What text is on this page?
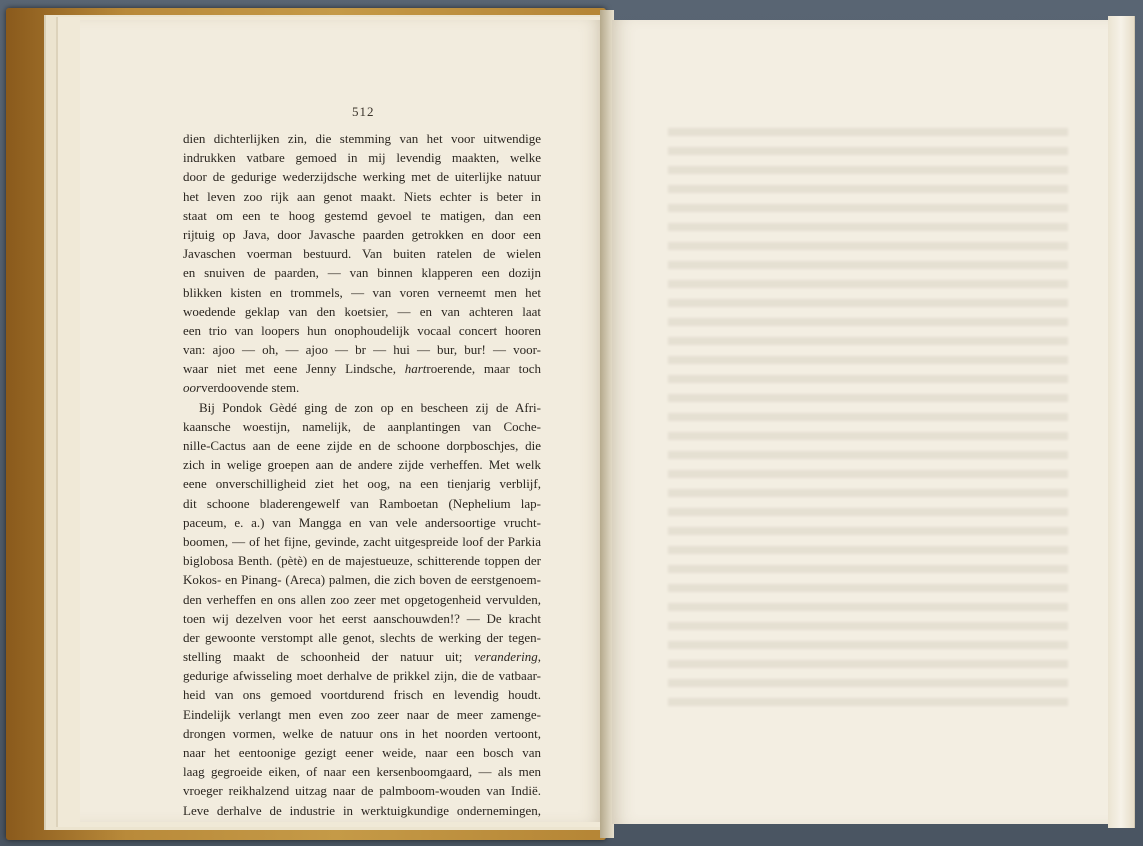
512
dien dichterlijken zin, die stemming van het voor uitwendige
indrukken vatbare gemoed in mij levendig maakten, welke
door de gedurige wederzijdsche werking met de uiterlijke natuur
het leven zoo rijk aan genot maakt. Niets echter is beter in
staat om een te hoog gestemd gevoel te matigen, dan een
rijtuig op Java, door Javasche paarden getrokken en door een
Javaschen voerman bestuurd. Van buiten ratelen de wielen
en snuiven de paarden, — van binnen klapperen een dozijn
blikken kisten en trommels, — van voren verneemt men het
woedende geklap van den koetsier, — en van achteren laat
een trio van loopers hun onophoudelijk vocaal concert hooren
van: ajoo — oh, — ajoo — br — hui — bur, bur! — voor-
waar niet met eene Jenny Lindsche, hartroerende, maar toch
oorverdoovende stem.
Bij Pondok Gèdé ging de zon op en bescheen zij de Afri-
kaansche woestijn, namelijk, de aanplantingen van Coche-
nille-Cactus aan de eene zijde en de schoone dorpboschjes, die
zich in welige groepen aan de andere zijde verheffen. Met welk
eene onverschilligheid ziet het oog, na een tienjarig verblijf,
dit schoone bladerengewelf van Ramboetan (Nephelium lap-
paceum, e. a.) van Mangga en van vele andersoortige vrucht-
boomen, — of het fijne, gevinde, zacht uitgespreide loof der Parkia
biglobosa Benth. (pètè) en de majestueuze, schitterende toppen der
Kokos- en Pinang- (Areca) palmen, die zich boven de eerstgenoem-
den verheffen en ons allen zoo zeer met opgetogenheid vervulden,
toen wij dezelven voor het eerst aanschouwden!? — De kracht
der gewoonte verstompt alle genot, slechts de werking der tegen-
stelling maakt de schoonheid der natuur uit; verandering,
gedurige afwisseling moet derhalve de prikkel zijn, die de vatbaar-
heid van ons gemoed voortdurend frisch en levendig houdt.
Eindelijk verlangt men even zoo zeer naar de meer zamenge-
drongen vormen, welke de natuur ons in het noorden vertoont,
naar het eentoonige gezigt eener weide, naar een bosch van
laag gegroeide eiken, of naar een kersenboomgaard, — als men
vroeger reikhalzend uitzag naar de palmboom-wouden van Indië.
Leve derhalve de industrie in werktuigkundige ondernemingen,
